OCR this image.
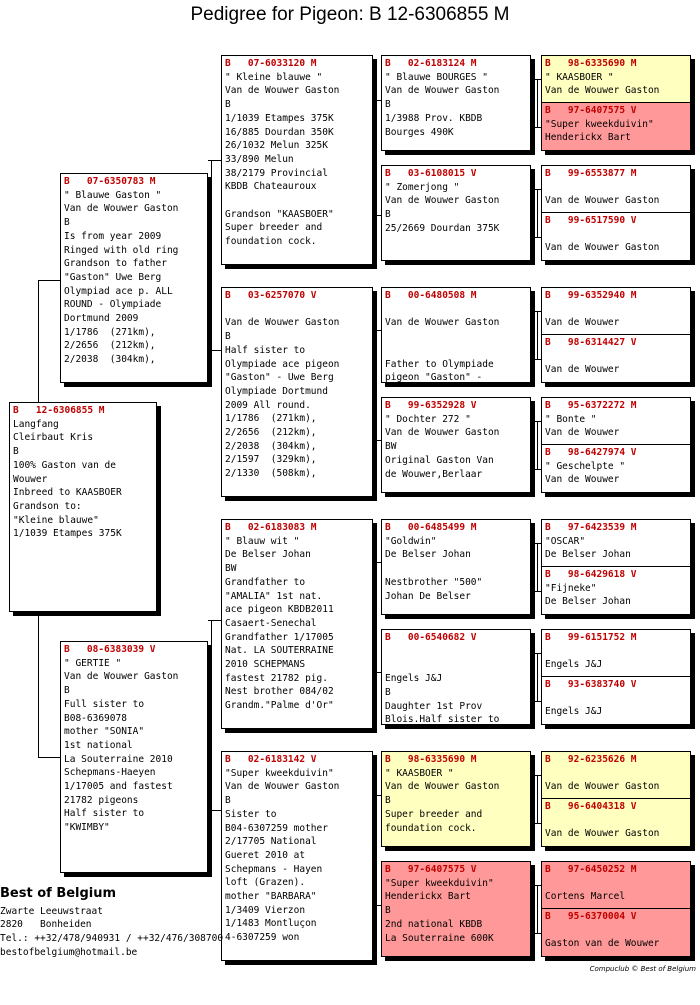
Pedigree for Pigeon: B 12-6306855 M
B   12-6306855 M
Langfang
Cleirbaut Kris
B
100% Gaston van de
Wouwer
Inbreed to KAASBOER
Grandson to:
"Kleine blauwe"
1/1039 Etampes 375K
B   07-6350783 M
" Blauwe Gaston "
Van de Wouwer Gaston
B
Is from year 2009
Ringed with old ring
Grandson to father
"Gaston" Uwe Berg
Olympiad ace p. ALL
ROUND - Olympiade
Dortmund 2009
1/1786  (271km),
2/2656  (212km),
2/2038  (304km),
B   08-6383039 V
" GERTIE "
Van de Wouwer Gaston
B
Full sister to
B08-6369078
mother "SONIA"
1st national
La Souterraine 2010
Schepmans-Haeyen
1/17005 and fastest
21782 pigeons
Half sister to
"KWIMBY"
B   07-6033120 M
" Kleine blauwe "
Van de Wouwer Gaston
B
1/1039 Etampes 375K
16/885 Dourdan 350K
26/1032 Melun 325K
33/890 Melun
38/2179 Provincial
KBDB Chateauroux

Grandson "KAASBOER"
Super breeder and
foundation cock.
B   03-6257070 V

Van de Wouwer Gaston
B
Half sister to
Olympiade ace pigeon
"Gaston" - Uwe Berg
Olympiade Dortmund
2009 All round.
1/1786  (271km),
2/2656  (212km),
2/2038  (304km),
2/1597  (329km),
2/1330  (508km),
B   02-6183083 M
" Blauw wit "
De Belser Johan
BW
Grandfather to
"AMALIA" 1st nat.
ace pigeon KBDB2011
Casaert-Senechal
Grandfather 1/17005
Nat. LA SOUTERRAINE
2010 SCHEPMANS
fastest 21782 pig.
Nest brother 084/02
Grandm."Palme d'Or"
B   02-6183142 V
"Super kweekduivin"
Van de Wouwer Gaston
B
Sister to
B04-6307259 mother
2/17705 National
Gueret 2010 at
Schepmans - Hayen
loft (Grazen).
mother "BARBARA"
1/3409 Vierzon
1/1483 Montluçon
4-6307259 won
B   02-6183124 M
" Blauwe BOURGES "
Van de Wouwer Gaston
B
1/3988 Prov. KBDB
Bourges 490K
B   03-6108015 V
" Zomerjong "
Van de Wouwer Gaston
B
25/2669 Dourdan 375K
B   00-6480508 M

Van de Wouwer Gaston

Father to Olympiade
pigeon "Gaston" -
B   99-6352928 V
" Dochter 272 "
Van de Wouwer Gaston
BW
Original Gaston Van
de Wouwer,Berlaar
B   00-6485499 M
"Goldwin"
De Belser Johan

Nestbrother "500"
Johan De Belser
B   00-6540682 V

Engels J&J
B
Daughter 1st Prov
Blois.Half sister to
B   98-6335690 M
" KAASBOER "
Van de Wouwer Gaston
B
Super breeder and
foundation cock.
B   97-6407575 V
"Super kweekduivin"
Henderickx Bart
B
2nd national KBDB
La Souterraine 600K
B   98-6335690 M
" KAASBOER "
Van de Wouwer Gaston
B   97-6407575 V
"Super kweekduivin"
Henderickx Bart
B   99-6553877 M

Van de Wouwer Gaston
B   99-6517590 V

Van de Wouwer Gaston
B   99-6352940 M

Van de Wouwer
B   98-6314427 V

Van de Wouwer
B   95-6372272 M
" Bonte "
Van de Wouwer
B   98-6427974 V
" Geschelpte "
Van de Wouwer
B   97-6423539 M
"OSCAR"
De Belser Johan
B   98-6429618 V
"Fijneke"
De Belser Johan
B   99-6151752 M

Engels J&J
B   93-6383740 V

Engels J&J
B   92-6235626 M

Van de Wouwer Gaston
B   96-6404318 V

Van de Wouwer Gaston
B   97-6450252 M

Cortens Marcel
B   95-6370004 V

Gaston van de Wouwer
Best of Belgium
Zwarte Leeuwstraat
2820   Bonheiden
Tel.: ++32/478/940931 / ++32/476/308700
bestofbelgium@hotmail.be
Compuclub © Best of Belgium
